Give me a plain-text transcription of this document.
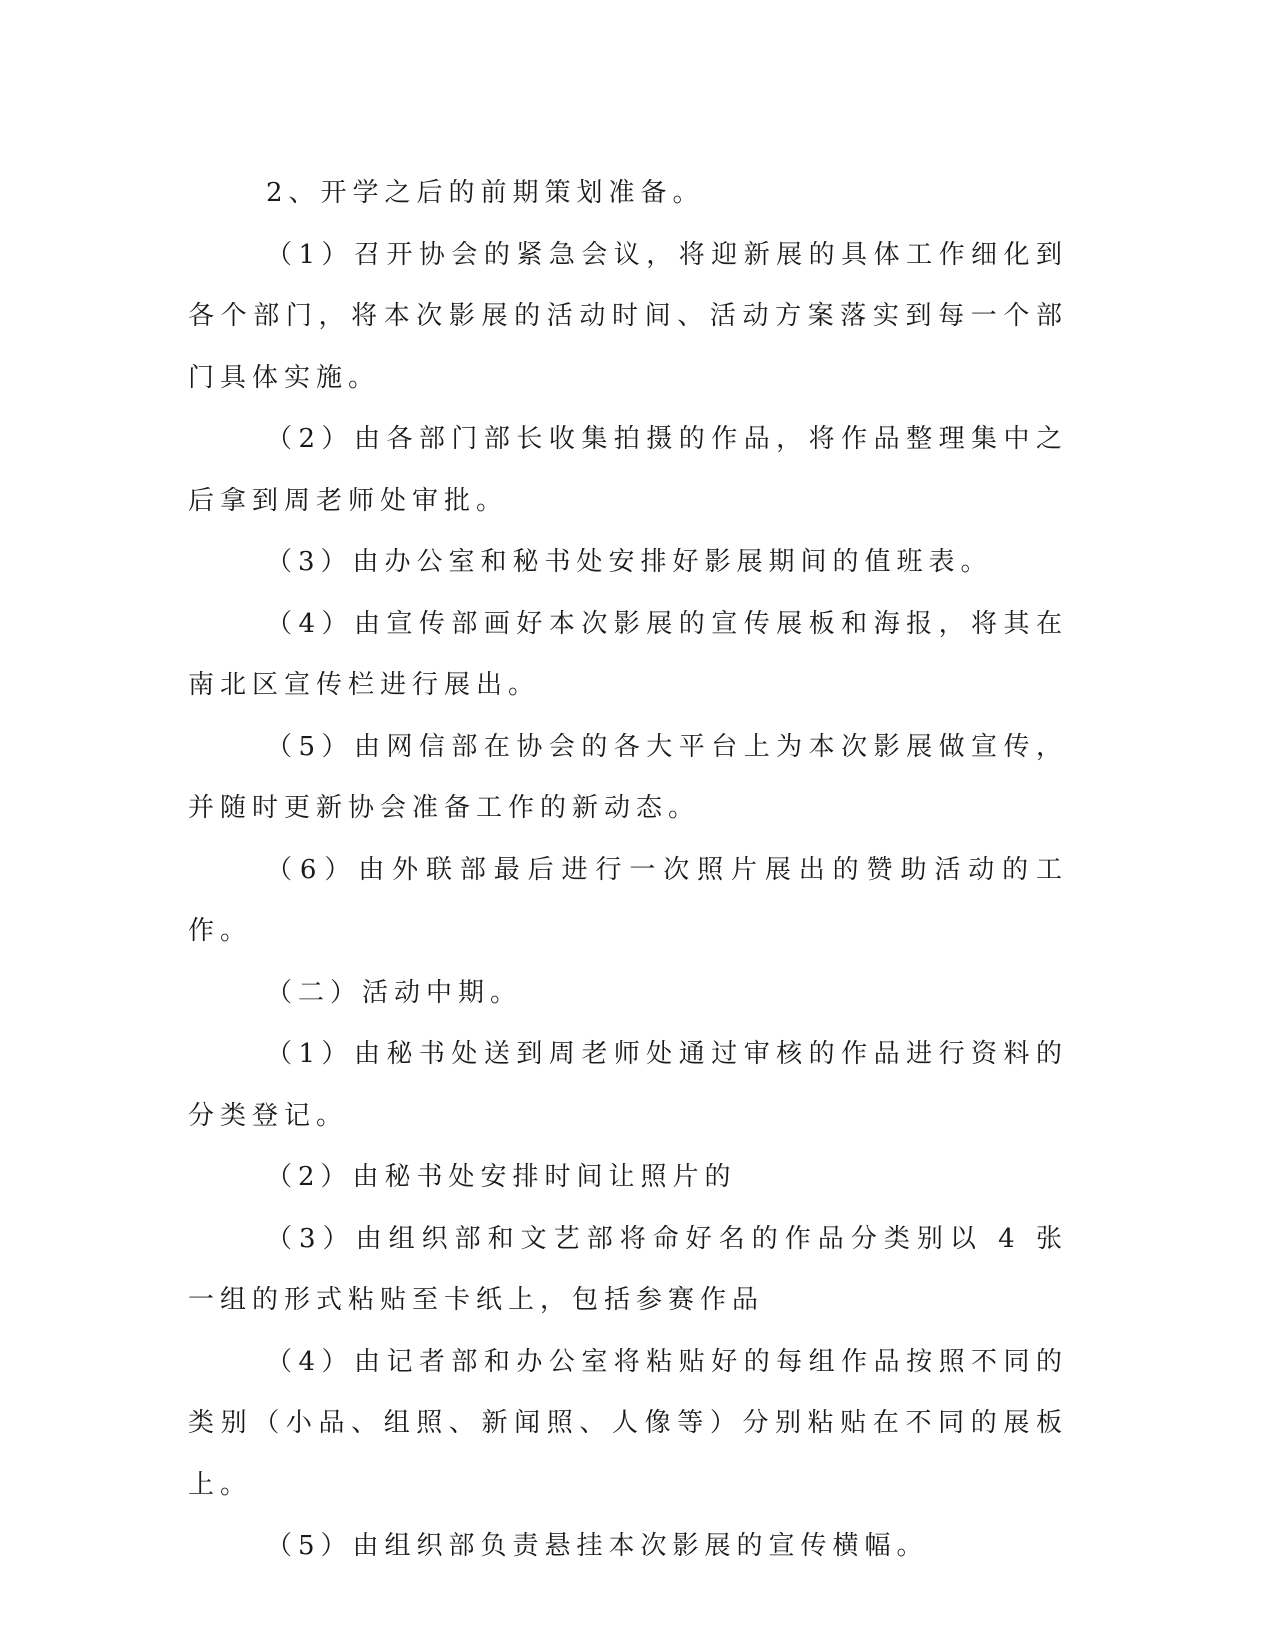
2、开学之后的前期策划准备。

（1）召开协会的紧急会议，将迎新展的具体工作细化到各个部门，将本次影展的活动时间、活动方案落实到每一个部门具体实施。

（2）由各部门部长收集拍摄的作品，将作品整理集中之后拿到周老师处审批。

（3）由办公室和秘书处安排好影展期间的值班表。

（4）由宣传部画好本次影展的宣传展板和海报，将其在南北区宣传栏进行展出。

（5）由网信部在协会的各大平台上为本次影展做宣传，并随时更新协会准备工作的新动态。

（6）由外联部最后进行一次照片展出的赞助活动的工作。

（二）活动中期。

（1）由秘书处送到周老师处通过审核的作品进行资料的分类登记。

（2）由秘书处安排时间让照片的

（3）由组织部和文艺部将命好名的作品分类别以 4 张一组的形式粘贴至卡纸上，包括参赛作品

（4）由记者部和办公室将粘贴好的每组作品按照不同的类别（小品、组照、新闻照、人像等）分别粘贴在不同的展板上。

（5）由组织部负责悬挂本次影展的宣传横幅。
